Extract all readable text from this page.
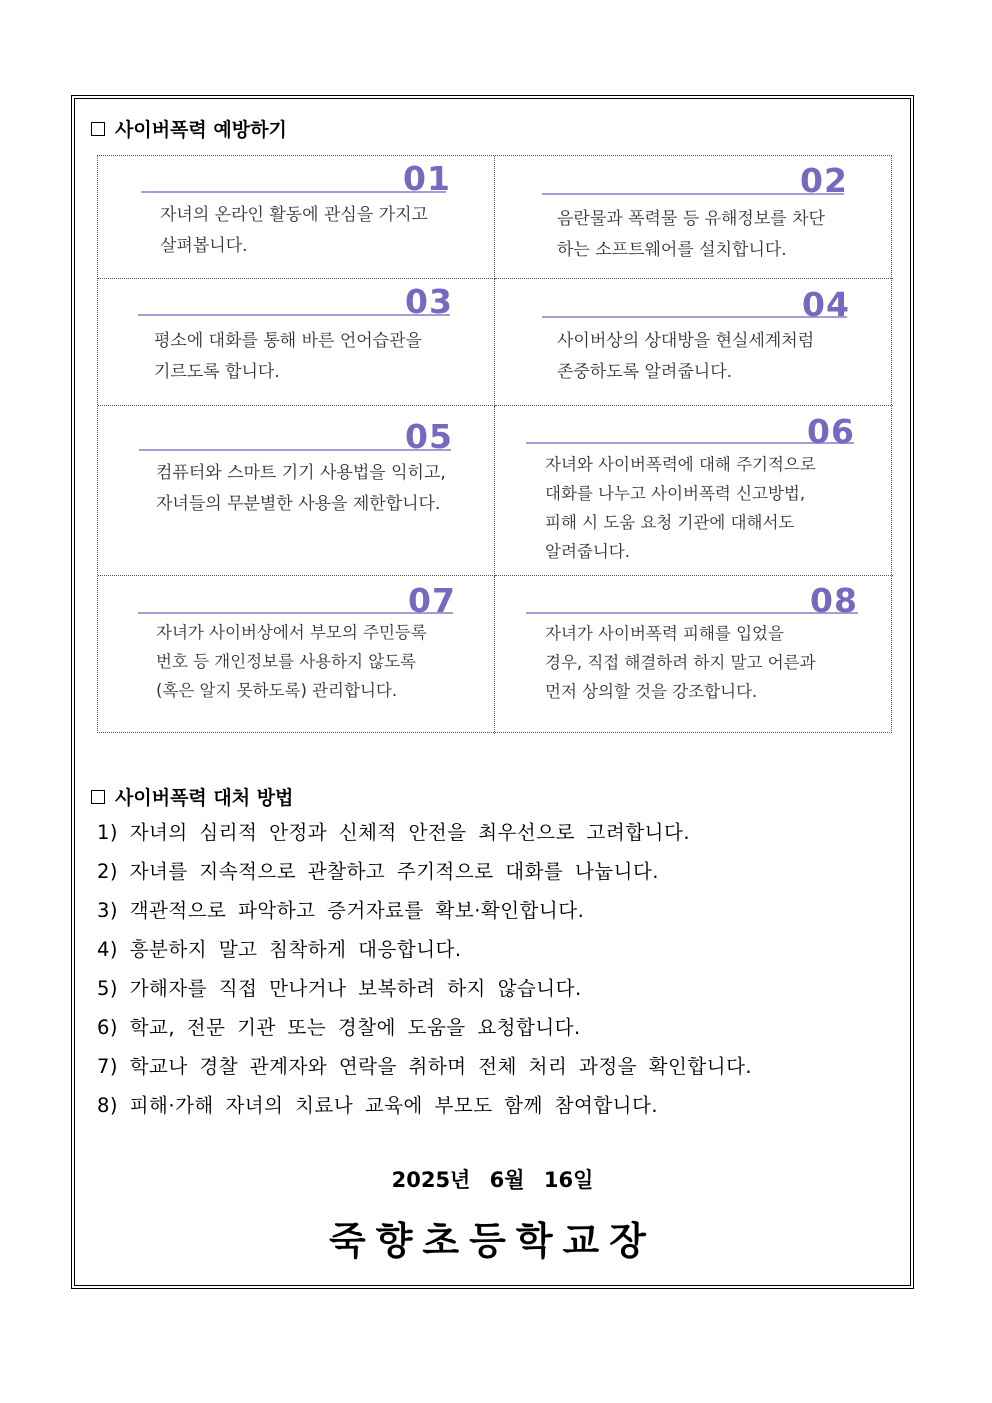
사이버폭력 예방하기
01
자녀의 온라인 활동에 관심을 가지고
살펴봅니다.
02
음란물과 폭력물 등 유해정보를 차단
하는 소프트웨어를 설치합니다.
03
평소에 대화를 통해 바른 언어습관을
기르도록 합니다.
04
사이버상의 상대방을 현실세계처럼
존중하도록 알려줍니다.
05
컴퓨터와 스마트 기기 사용법을 익히고,
자녀들의 무분별한 사용을 제한합니다.
06
자녀와 사이버폭력에 대해 주기적으로
대화를 나누고 사이버폭력 신고방법,
피해 시 도움 요청 기관에 대해서도
알려줍니다.
07
자녀가 사이버상에서 부모의 주민등록
번호 등 개인정보를 사용하지 않도록
(혹은 알지 못하도록) 관리합니다.
08
자녀가 사이버폭력 피해를 입었을
경우, 직접 해결하려 하지 말고 어른과
먼저 상의할 것을 강조합니다.
사이버폭력 대처 방법
1) 자녀의 심리적 안정과 신체적 안전을 최우선으로 고려합니다.
2) 자녀를 지속적으로 관찰하고 주기적으로 대화를 나눕니다.
3) 객관적으로 파악하고 증거자료를 확보·확인합니다.
4) 흥분하지 말고 침착하게 대응합니다.
5) 가해자를 직접 만나거나 보복하려 하지 않습니다.
6) 학교, 전문 기관 또는 경찰에 도움을 요청합니다.
7) 학교나 경찰 관계자와 연락을 취하며 전체 처리 과정을 확인합니다.
8) 피해·가해 자녀의 치료나 교육에 부모도 함께 참여합니다.
2025년 6월 16일
죽향초등학교장
